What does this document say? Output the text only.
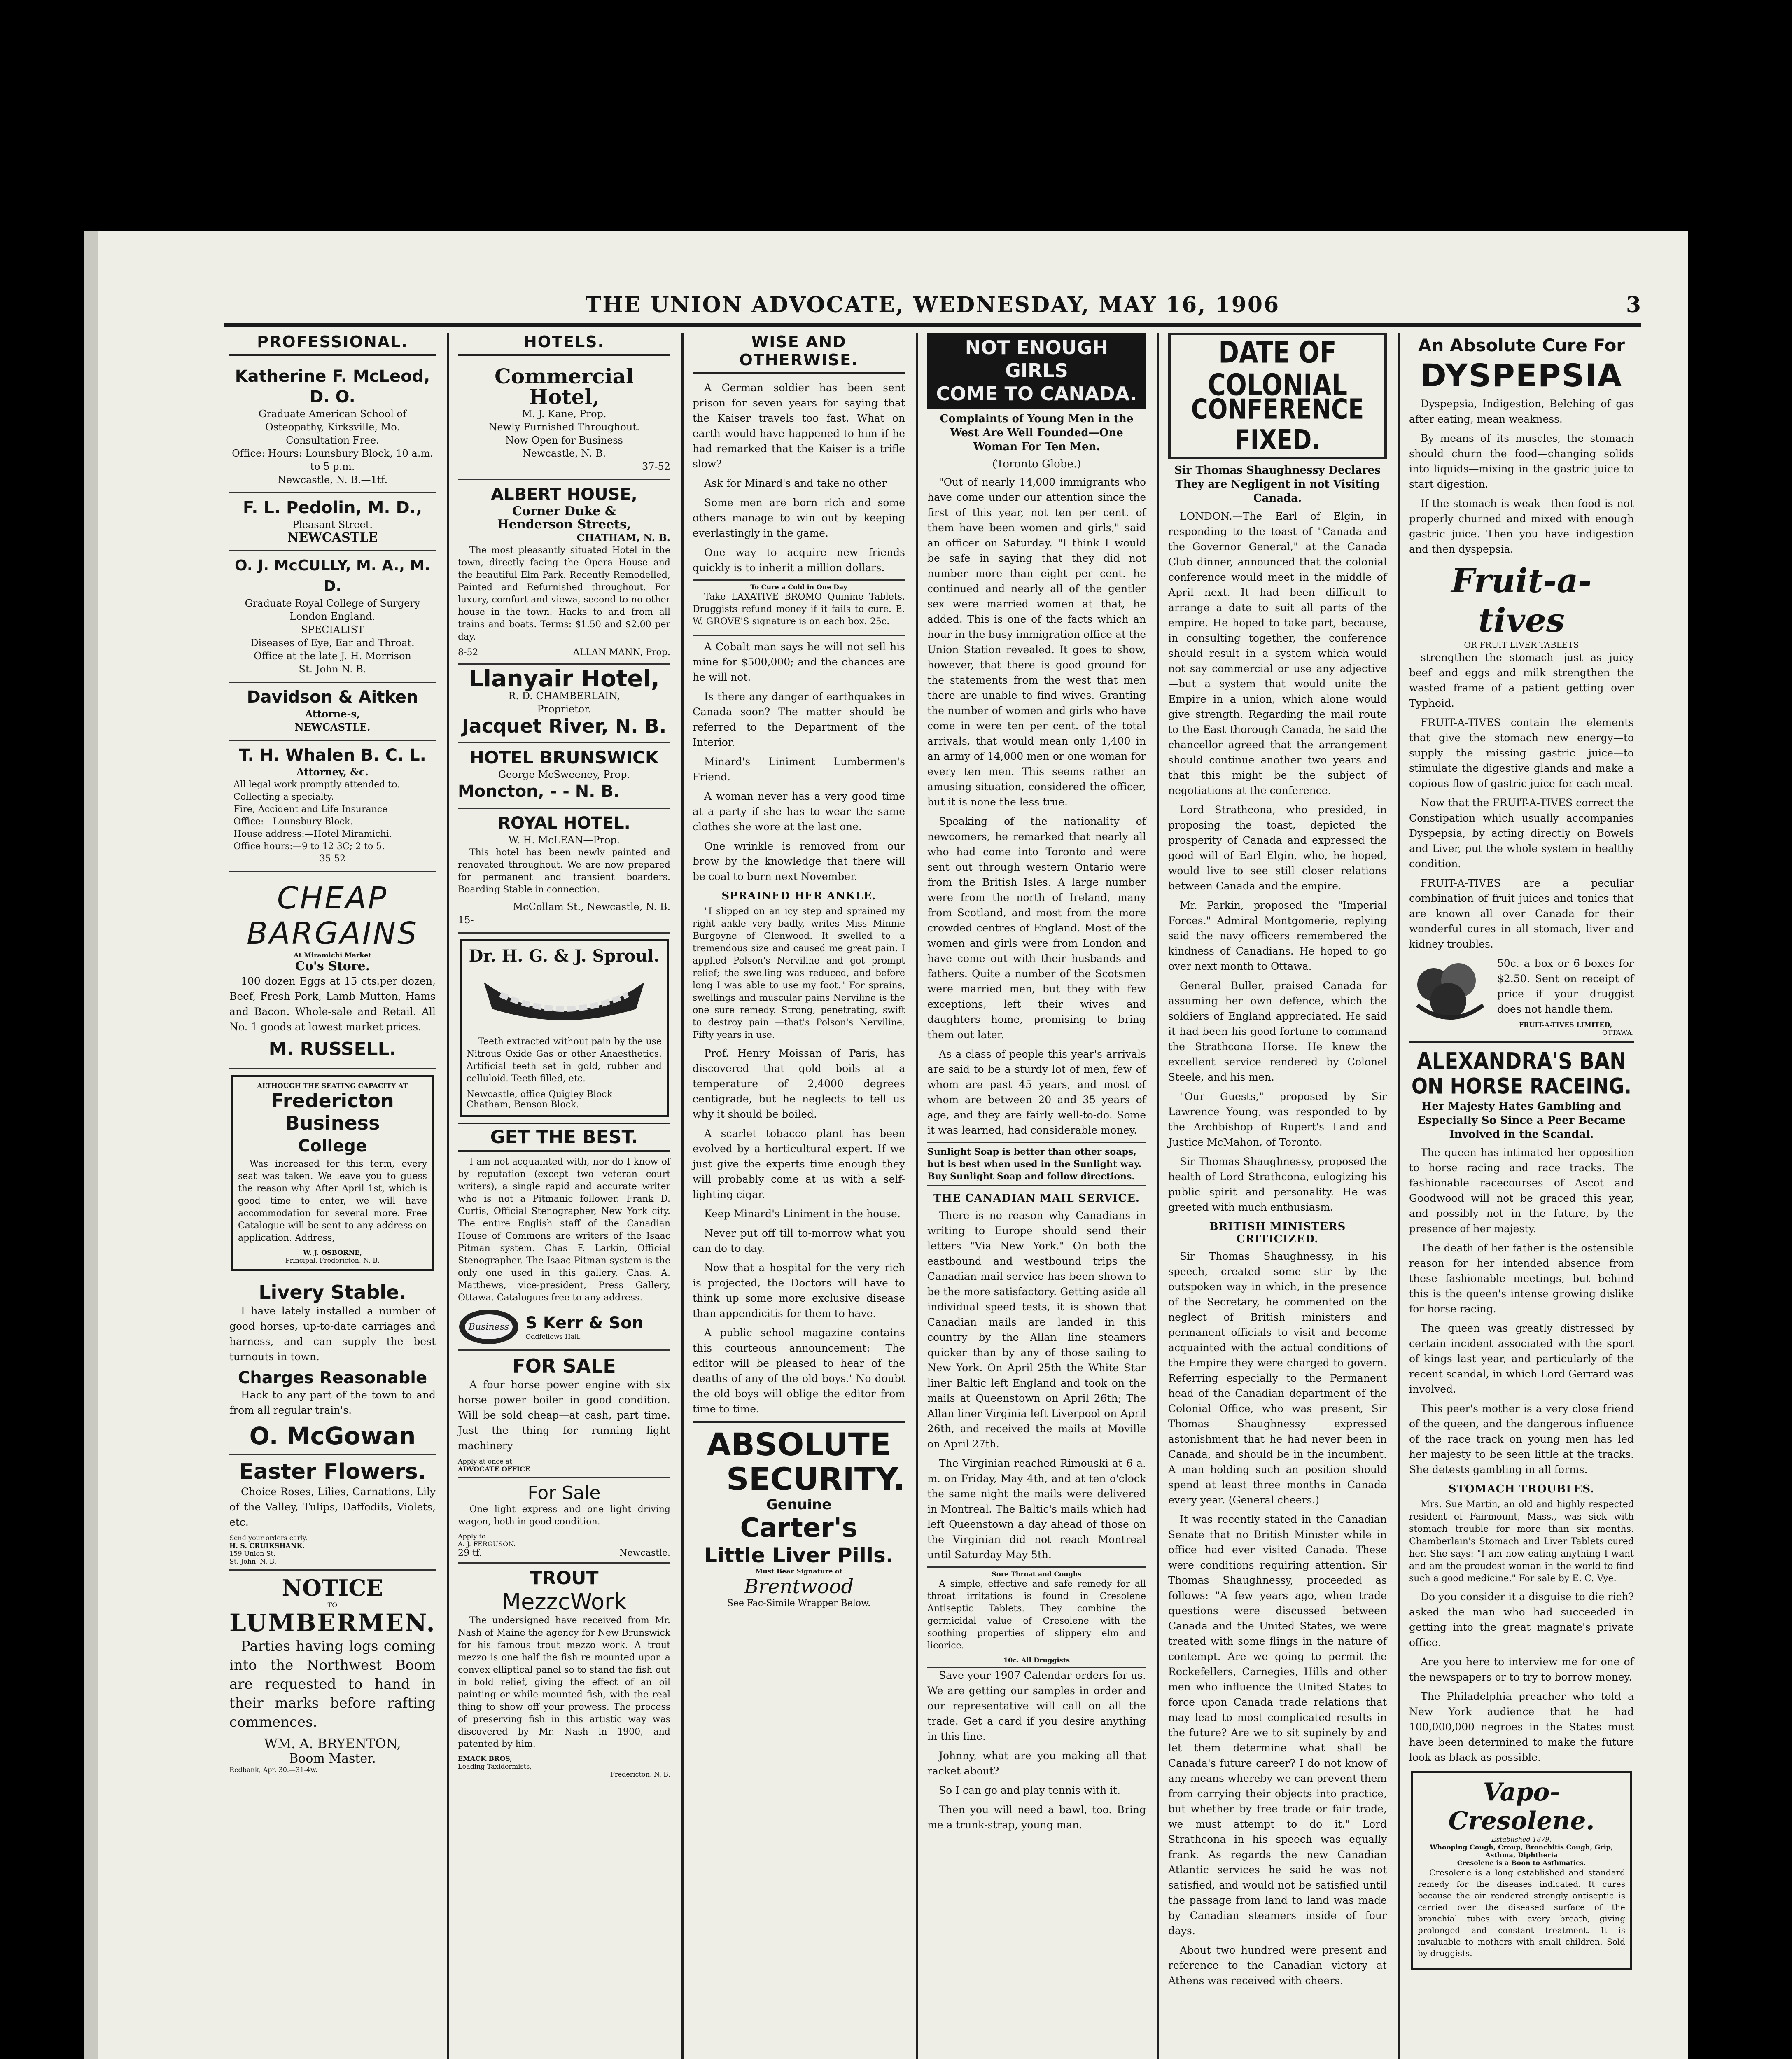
THE UNION ADVOCATE, WEDNESDAY, MAY 16, 1906	3
PROFESSIONAL.
Katherine F. McLeod, D. O.
Graduate American School of Osteopathy, Kirksville, Mo.
Consultation Free.
Office: Hours: Lounsbury Block, 10 a.m. to 5 p.m.
Newcastle, N. B.—1tf.
F. L. Pedolin, M. D.,
Pleasant Street.
NEWCASTLE
O. J. McCULLY, M. A., M. D.
Graduate Royal College of Surgery London England.
SPECIALIST
Diseases of Eye, Ear and Throat.
Office at the late J. H. Morrison
St. John N. B.
Davidson & Aitken
Attorne-s,
NEWCASTLE.
T. H. Whalen B. C. L.
Attorney, &c.
All legal work promptly attended to.
Collecting a specialty.
Fire, Accident and Life Insurance
Office:—Lounsbury Block.
House address:—Hotel Miramichi.
Office hours:—9 to 12 3C; 2 to 5.
35-52
CHEAP
BARGAINS
At Miramichi Market
Co's Store.

100 dozen Eggs at 15 cts.per dozen, Beef, Fresh Pork, Lamb Mutton, Hams and Bacon. Whole-sale and Retail. All No. 1 goods at lowest market prices.

M. RUSSELL.
ALTHOUGH THE SEATING CAPACITY AT
Fredericton Business
College

Was increased for this term, every seat was taken. We leave you to guess the reason why. After April 1st, which is good time to enter, we will have accommodation for several more. Free Catalogue will be sent to any address on application. Address,

W. J. OSBORNE,
Principal, Fredericton, N. B.
Livery Stable.

I have lately installed a number of good horses, up-to-date carriages and harness, and can supply the best turnouts in town.

Charges Reasonable

Hack to any part of the town to and from all regular train's.

O. McGowan
Easter Flowers.

Choice Roses, Lilies, Carnations, Lily of the Valley, Tulips, Daffodils, Violets, etc.

Send your orders early.
H. S. CRUIKSHANK.
159 Union St.
St. John, N. B.
NOTICE
TO
LUMBERMEN.

Parties having logs coming into the Northwest Boom are requested to hand in their marks before rafting commences.

WM. A. BRYENTON,
Boom Master.
Redbank, Apr. 30.—31-4w.
HOTELS.
Commercial Hotel,
M. J. Kane, Prop.
Newly Furnished Throughout.
Now Open for Business
Newcastle, N. B.
37-52
ALBERT HOUSE,
Corner Duke &
Henderson Streets,
CHATHAM, N. B.

The most pleasantly situated Hotel in the town, directly facing the Opera House and the beautiful Elm Park. Recently Remodelled, Painted and Refurnished throughout. For luxury, comfort and viewa, second to no other house in the town. Hacks to and from all trains and boats. Terms: $1.50 and $2.00 per day.

8-52	ALLAN MANN, Prop.
Llanyair Hotel,
R. D. CHAMBERLAIN,
Proprietor.
Jacquet River, N. B.
HOTEL BRUNSWICK
George McSweeney, Prop.
Moncton, - - N. B.
ROYAL HOTEL.
W. H. McLEAN—Prop.

This hotel has been newly painted and renovated throughout. We are now prepared for permanent and transient boarders. Boarding Stable in connection.

McCollam St., Newcastle, N. B.
15-
Dr. H. G. & J. Sproul.

Teeth extracted without pain by the use Nitrous Oxide Gas or other Anaesthetics. Artificial teeth set in gold, rubber and celluloid. Teeth filled, etc.

Newcastle, office Quigley Block
Chatham, Benson Block.
GET THE BEST.

I am not acquainted with, nor do I know of by reputation (except two veteran court writers), a single rapid and accurate writer who is not a Pitmanic follower. Frank D. Curtis, Official Stenographer, New York city. The entire English staff of the Canadian House of Commons are writers of the Isaac Pitman system. Chas F. Larkin, Official Stenographer. The Isaac Pitman system is the only one used in this gallery. Chas. A. Matthews, vice-president, Press Gallery, Ottawa. Catalogues free to any address.

Business S Kerr & Son
Oddfellows Hall.
FOR SALE

A four horse power engine with six horse power boiler in good condition. Will be sold cheap—at cash, part time. Just the thing for running light machinery

Apply at once at
ADVOCATE OFFICE
For Sale

One light express and one light driving wagon, both in good condition.

Apply to
A. J. FERGUSON.
29 tf.	Newcastle.
TROUT
MezzcWork

The undersigned have received from Mr. Nash of Maine the agency for New Brunswick for his famous trout mezzo work. A trout mezzo is one half the fish re mounted upon a convex elliptical panel so to stand the fish out in bold relief, giving the effect of an oil painting or while mounted fish, with the real thing to show off your prowess. The process of preserving fish in this artistic way was discovered by Mr. Nash in 1900, and patented by him.

EMACK BROS,
Leading Taxidermists,
Fredericton, N. B.
WISE AND OTHERWISE.

A German soldier has been sent prison for seven years for saying that the Kaiser travels too fast. What on earth would have happened to him if he had remarked that the Kaiser is a trifle slow?

Ask for Minard's and take no other

Some men are born rich and some others manage to win out by keeping everlastingly in the game.

One way to acquire new friends quickly is to inherit a million dollars.

To Cure a Cold in One Day

Take LAXATIVE BROMO Quinine Tablets. Druggists refund money if it fails to cure. E. W. GROVE'S signature is on each box. 25c.

A Cobalt man says he will not sell his mine for $500,000; and the chances are he will not.

Is there any danger of earthquakes in Canada soon? The matter should be referred to the Department of the Interior.

Minard's Liniment Lumbermen's Friend.

A woman never has a very good time at a party if she has to wear the same clothes she wore at the last one.

One wrinkle is removed from our brow by the knowledge that there will be coal to burn next November.

SPRAINED HER ANKLE.

"I slipped on an icy step and sprained my right ankle very badly, writes Miss Minnie Burgoyne of Glenwood. It swelled to a tremendous size and caused me great pain. I applied Polson's Nerviline and got prompt relief; the swelling was reduced, and before long I was able to use my foot." For sprains, swellings and muscular pains Nerviline is the one sure remedy. Strong, penetrating, swift to destroy pain —that's Polson's Nerviline. Fifty years in use.

Prof. Henry Moissan of Paris, has discovered that gold boils at a temperature of 2,4000 degrees centigrade, but he neglects to tell us why it should be boiled.

A scarlet tobacco plant has been evolved by a horticultural expert. If we just give the experts time enough they will probably come at us with a self-lighting cigar.

Keep Minard's Liniment in the house.

Never put off till to-morrow what you can do to-day.

Now that a hospital for the very rich is projected, the Doctors will have to think up some more exclusive disease than appendicitis for them to have.

A public school magazine contains this courteous announcement: 'The editor will be pleased to hear of the deaths of any of the old boys.' No doubt the old boys will oblige the editor from time to time.

ABSOLUTE
SECURITY.
Genuine
Carter's
Little Liver Pills.
Must Bear Signature of
Brentwood
See Fac-Simile Wrapper Below.
NOT ENOUGH GIRLS
COME TO CANADA.
Complaints of Young Men in the West Are Well Founded—One Woman For Ten Men.
(Toronto Globe.)

"Out of nearly 14,000 immigrants who have come under our attention since the first of this year, not ten per cent. of them have been women and girls," said an officer on Saturday. "I think I would be safe in saying that they did not number more than eight per cent. he continued and nearly all of the gentler sex were married women at that, he added. This is one of the facts which an hour in the busy immigration office at the Union Station revealed. It goes to show, however, that there is good ground for the statements from the west that men there are unable to find wives. Granting the number of women and girls who have come in were ten per cent. of the total arrivals, that would mean only 1,400 in an army of 14,000 men or one woman for every ten men. This seems rather an amusing situation, considered the officer, but it is none the less true.

Speaking of the nationality of newcomers, he remarked that nearly all who had come into Toronto and were sent out through western Ontario were from the British Isles. A large number were from the north of Ireland, many from Scotland, and most from the more crowded centres of England. Most of the women and girls were from London and have come out with their husbands and fathers. Quite a number of the Scotsmen were married men, but they with few exceptions, left their wives and daughters home, promising to bring them out later.

As a class of people this year's arrivals are said to be a sturdy lot of men, few of whom are past 45 years, and most of whom are between 20 and 35 years of age, and they are fairly well-to-do. Some it was learned, had considerable money.

Sunlight Soap is better than other soaps, but is best when used in the Sunlight way. Buy Sunlight Soap and follow directions.
THE CANADIAN MAIL SERVICE.

There is no reason why Canadians in writing to Europe should send their letters "Via New York." On both the eastbound and westbound trips the Canadian mail service has been shown to be the more satisfactory. Getting aside all individual speed tests, it is shown that Canadian mails are landed in this country by the Allan line steamers quicker than by any of those sailing to New York. On April 25th the White Star liner Baltic left England and took on the mails at Queenstown on April 26th; The Allan liner Virginia left Liverpool on April 26th, and received the mails at Moville on April 27th.

The Virginian reached Rimouski at 6 a. m. on Friday, May 4th, and at ten o'clock the same night the mails were delivered in Montreal. The Baltic's mails which had left Queenstown a day ahead of those on the Virginian did not reach Montreal until Saturday May 5th.

Sore Throat and Coughs

A simple, effective and safe remedy for all throat irritations is found in Cresolene Antiseptic Tablets. They combine the germicidal value of Cresolene with the soothing properties of slippery elm and licorice.

10c. All Druggists

Save your 1907 Calendar orders for us. We are getting our samples in order and our representative will call on all the trade. Get a card if you desire anything in this line.

Johnny, what are you making all that racket about?

So I can go and play tennis with it.

Then you will need a bawl, too. Bring me a trunk-strap, young man.

DATE OF COLONIAL
CONFERENCE FIXED.
Sir Thomas Shaughnessy Declares They are Negligent in not Visiting Canada.

LONDON.—The Earl of Elgin, in responding to the toast of "Canada and the Governor General," at the Canada Club dinner, announced that the colonial conference would meet in the middle of April next. It had been difficult to arrange a date to suit all parts of the empire. He hoped to take part, because, in consulting together, the conference should result in a system which would not say commercial or use any adjective—but a system that would unite the Empire in a union, which alone would give strength. Regarding the mail route to the East thorough Canada, he said the chancellor agreed that the arrangement should continue another two years and that this might be the subject of negotiations at the conference.

Lord Strathcona, who presided, in proposing the toast, depicted the prosperity of Canada and expressed the good will of Earl Elgin, who, he hoped, would live to see still closer relations between Canada and the empire.

Mr. Parkin, proposed the "Imperial Forces." Admiral Montgomerie, replying said the navy officers remembered the kindness of Canadians. He hoped to go over next month to Ottawa.

General Buller, praised Canada for assuming her own defence, which the soldiers of England appreciated. He said it had been his good fortune to command the Strathcona Horse. He knew the excellent service rendered by Colonel Steele, and his men.

"Our Guests," proposed by Sir Lawrence Young, was responded to by the Archbishop of Rupert's Land and Justice McMahon, of Toronto.

Sir Thomas Shaughnessy, proposed the health of Lord Strathcona, eulogizing his public spirit and personality. He was greeted with much enthusiasm.

BRITISH MINISTERS CRITICIZED.

Sir Thomas Shaughnessy, in his speech, created some stir by the outspoken way in which, in the presence of the Secretary, he commented on the neglect of British ministers and permanent officials to visit and become acquainted with the actual conditions of the Empire they were charged to govern. Referring especially to the Permanent head of the Canadian department of the Colonial Office, who was present, Sir Thomas Shaughnessy expressed astonishment that he had never been in Canada, and should be in the incumbent. A man holding such an position should spend at least three months in Canada every year. (General cheers.)

It was recently stated in the Canadian Senate that no British Minister while in office had ever visited Canada. These were conditions requiring attention. Sir Thomas Shaughnessy, proceeded as follows: "A few years ago, when trade questions were discussed between Canada and the United States, we were treated with some flings in the nature of contempt. Are we going to permit the Rockefellers, Carnegies, Hills and other men who influence the United States to force upon Canada trade relations that may lead to most complicated results in the future? Are we to sit supinely by and let them determine what shall be Canada's future career? I do not know of any means whereby we can prevent them from carrying their objects into practice, but whether by free trade or fair trade, we must attempt to do it." Lord Strathcona in his speech was equally frank. As regards the new Canadian Atlantic services he said he was not satisfied, and would not be satisfied until the passage from land to land was made by Canadian steamers inside of four days.

About two hundred were present and reference to the Canadian victory at Athens was received with cheers.

An Absolute Cure For
DYSPEPSIA

Dyspepsia, Indigestion, Belching of gas after eating, mean weakness.

By means of its muscles, the stomach should churn the food—changing solids into liquids—mixing in the gastric juice to start digestion.

If the stomach is weak—then food is not properly churned and mixed with enough gastric juice. Then you have indigestion and then dyspepsia.

Fruit-a-tives
OR FRUIT LIVER TABLETS

strengthen the stomach—just as juicy beef and eggs and milk strengthen the wasted frame of a patient getting over Typhoid.

FRUIT-A-TIVES contain the elements that give the stomach new energy—to supply the missing gastric juice—to stimulate the digestive glands and make a copious flow of gastric juice for each meal.

Now that the FRUIT-A-TIVES correct the Constipation which usually accompanies Dyspepsia, by acting directly on Bowels and Liver, put the whole system in healthy condition.

FRUIT-A-TIVES are a peculiar combination of fruit juices and tonics that are known all over Canada for their wonderful cures in all stomach, liver and kidney troubles.

50c. a box or 6 boxes for $2.50. Sent on receipt of price if your druggist does not handle them.

FRUIT-A-TIVES LIMITED,
OTTAWA.
ALEXANDRA'S BAN
ON HORSE RACEING.
Her Majesty Hates Gambling and Especially So Since a Peer Became Involved in the Scandal.

The queen has intimated her opposition to horse racing and race tracks. The fashionable racecourses of Ascot and Goodwood will not be graced this year, and possibly not in the future, by the presence of her majesty.

The death of her father is the ostensible reason for her intended absence from these fashionable meetings, but behind this is the queen's intense growing dislike for horse racing.

The queen was greatly distressed by certain incident associated with the sport of kings last year, and particularly of the recent scandal, in which Lord Gerrard was involved.

This peer's mother is a very close friend of the queen, and the dangerous influence of the race track on young men has led her majesty to be seen little at the tracks. She detests gambling in all forms.

STOMACH TROUBLES.

Mrs. Sue Martin, an old and highly respected resident of Fairmount, Mass., was sick with stomach trouble for more than six months. Chamberlain's Stomach and Liver Tablets cured her. She says: "I am now eating anything I want and am the proudest woman in the world to find such a good medicine." For sale by E. C. Vye.

Do you consider it a disguise to die rich? asked the man who had succeeded in getting into the great magnate's private office.

Are you here to interview me for one of the newspapers or to try to borrow money.

The Philadelphia preacher who told a New York audience that he had 100,000,000 negroes in the States must have been determined to make the future look as black as possible.

Vapo-Cresolene.
Established 1879.
Whooping Cough, Croup, Bronchitis Cough, Grip, Asthma, Diphtheria
Cresolene is a Boon to Asthmatics.

Cresolene is a long established and standard remedy for the diseases indicated. It cures because the air rendered strongly antiseptic is carried over the diseased surface of the bronchial tubes with every breath, giving prolonged and constant treatment. It is invaluable to mothers with small children. Sold by druggists.
